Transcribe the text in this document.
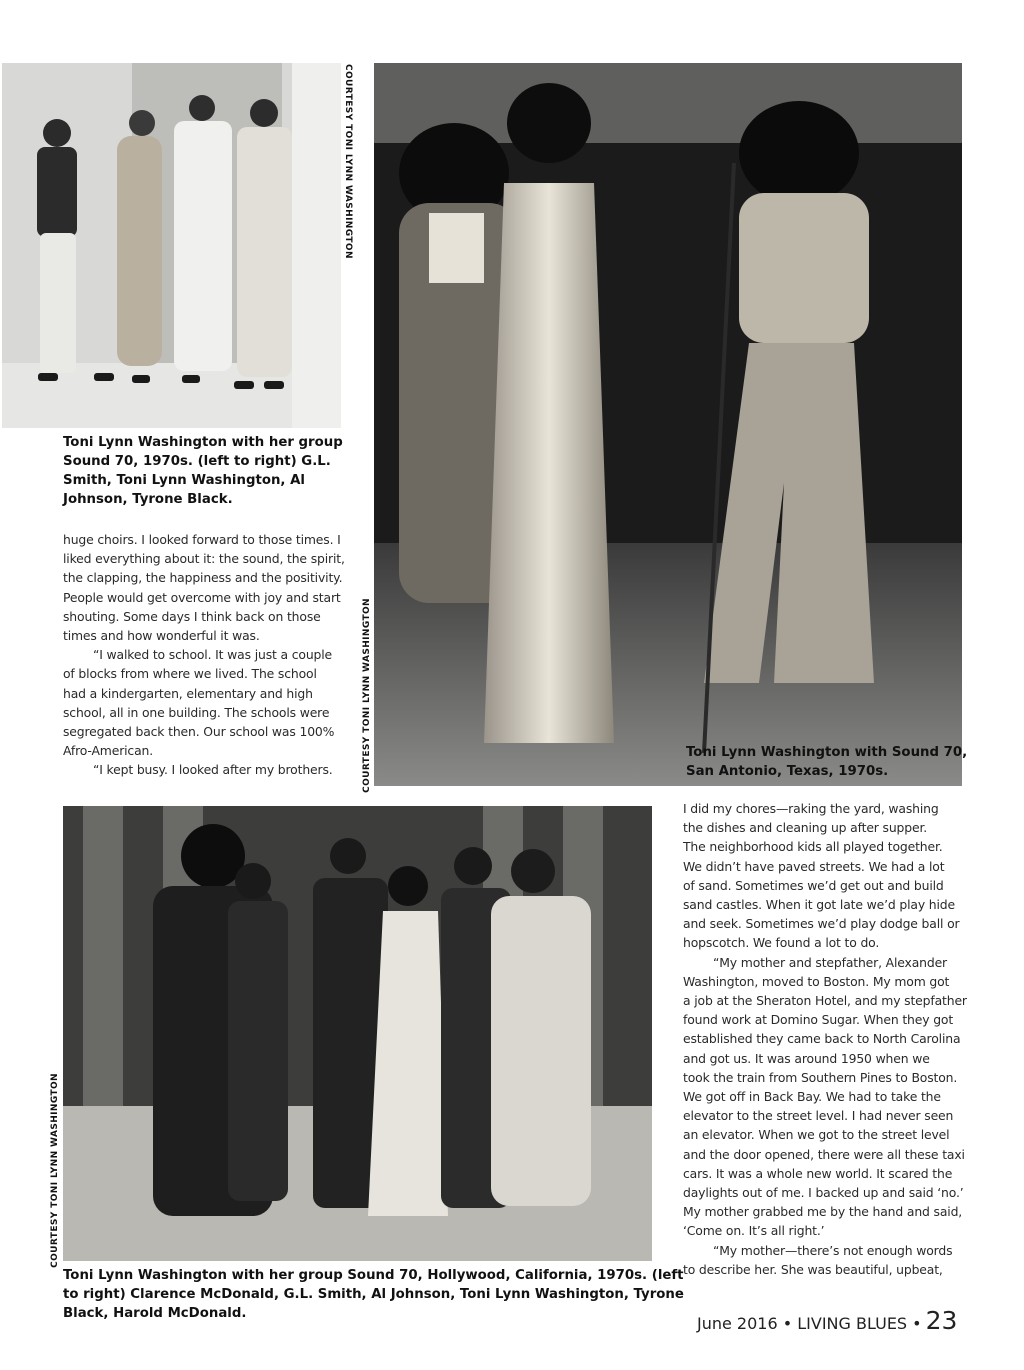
COURTESY TONI LYNN WASHINGTON
Toni Lynn Washington with her group
Sound 70, 1970s. (left to right) G.L.
Smith, Toni Lynn Washington, Al
Johnson, Tyrone Black.
COURTESY TONI LYNN WASHINGTON	Toni Lynn Washington with Sound 70,
San Antonio, Texas, 1970s.
huge choirs. I looked forward to those times. I
liked everything about it: the sound, the spirit,
the clapping, the happiness and the positivity.
People would get overcome with joy and start
shouting. Some days I think back on those
times and how wonderful it was.
“I walked to school. It was just a couple
of blocks from where we lived. The school
had a kindergarten, elementary and high
school, all in one building. The schools were
segregated back then. Our school was 100%
Afro-American.
“I kept busy. I looked after my brothers.
COURTESY TONI LYNN WASHINGTON
Toni Lynn Washington with her group Sound 70, Hollywood, California, 1970s. (left
to right) Clarence McDonald, G.L. Smith, Al Johnson, Toni Lynn Washington, Tyrone
Black, Harold McDonald.
I did my chores—raking the yard, washing
the dishes and cleaning up after supper.
The neighborhood kids all played together.
We didn’t have paved streets. We had a lot
of sand. Sometimes we’d get out and build
sand castles. When it got late we’d play hide
and seek. Sometimes we’d play dodge ball or
hopscotch. We found a lot to do.
“My mother and stepfather, Alexander
Washington, moved to Boston. My mom got
a job at the Sheraton Hotel, and my stepfather
found work at Domino Sugar. When they got
established they came back to North Carolina
and got us. It was around 1950 when we
took the train from Southern Pines to Boston.
We got off in Back Bay. We had to take the
elevator to the street level. I had never seen
an elevator. When we got to the street level
and the door opened, there were all these taxi
cars. It was a whole new world. It scared the
daylights out of me. I backed up and said ‘no.’
My mother grabbed me by the hand and said,
‘Come on. It’s all right.’
“My mother—there’s not enough words
to describe her. She was beautiful, upbeat,
June 2016 • LIVING BLUES • 23
